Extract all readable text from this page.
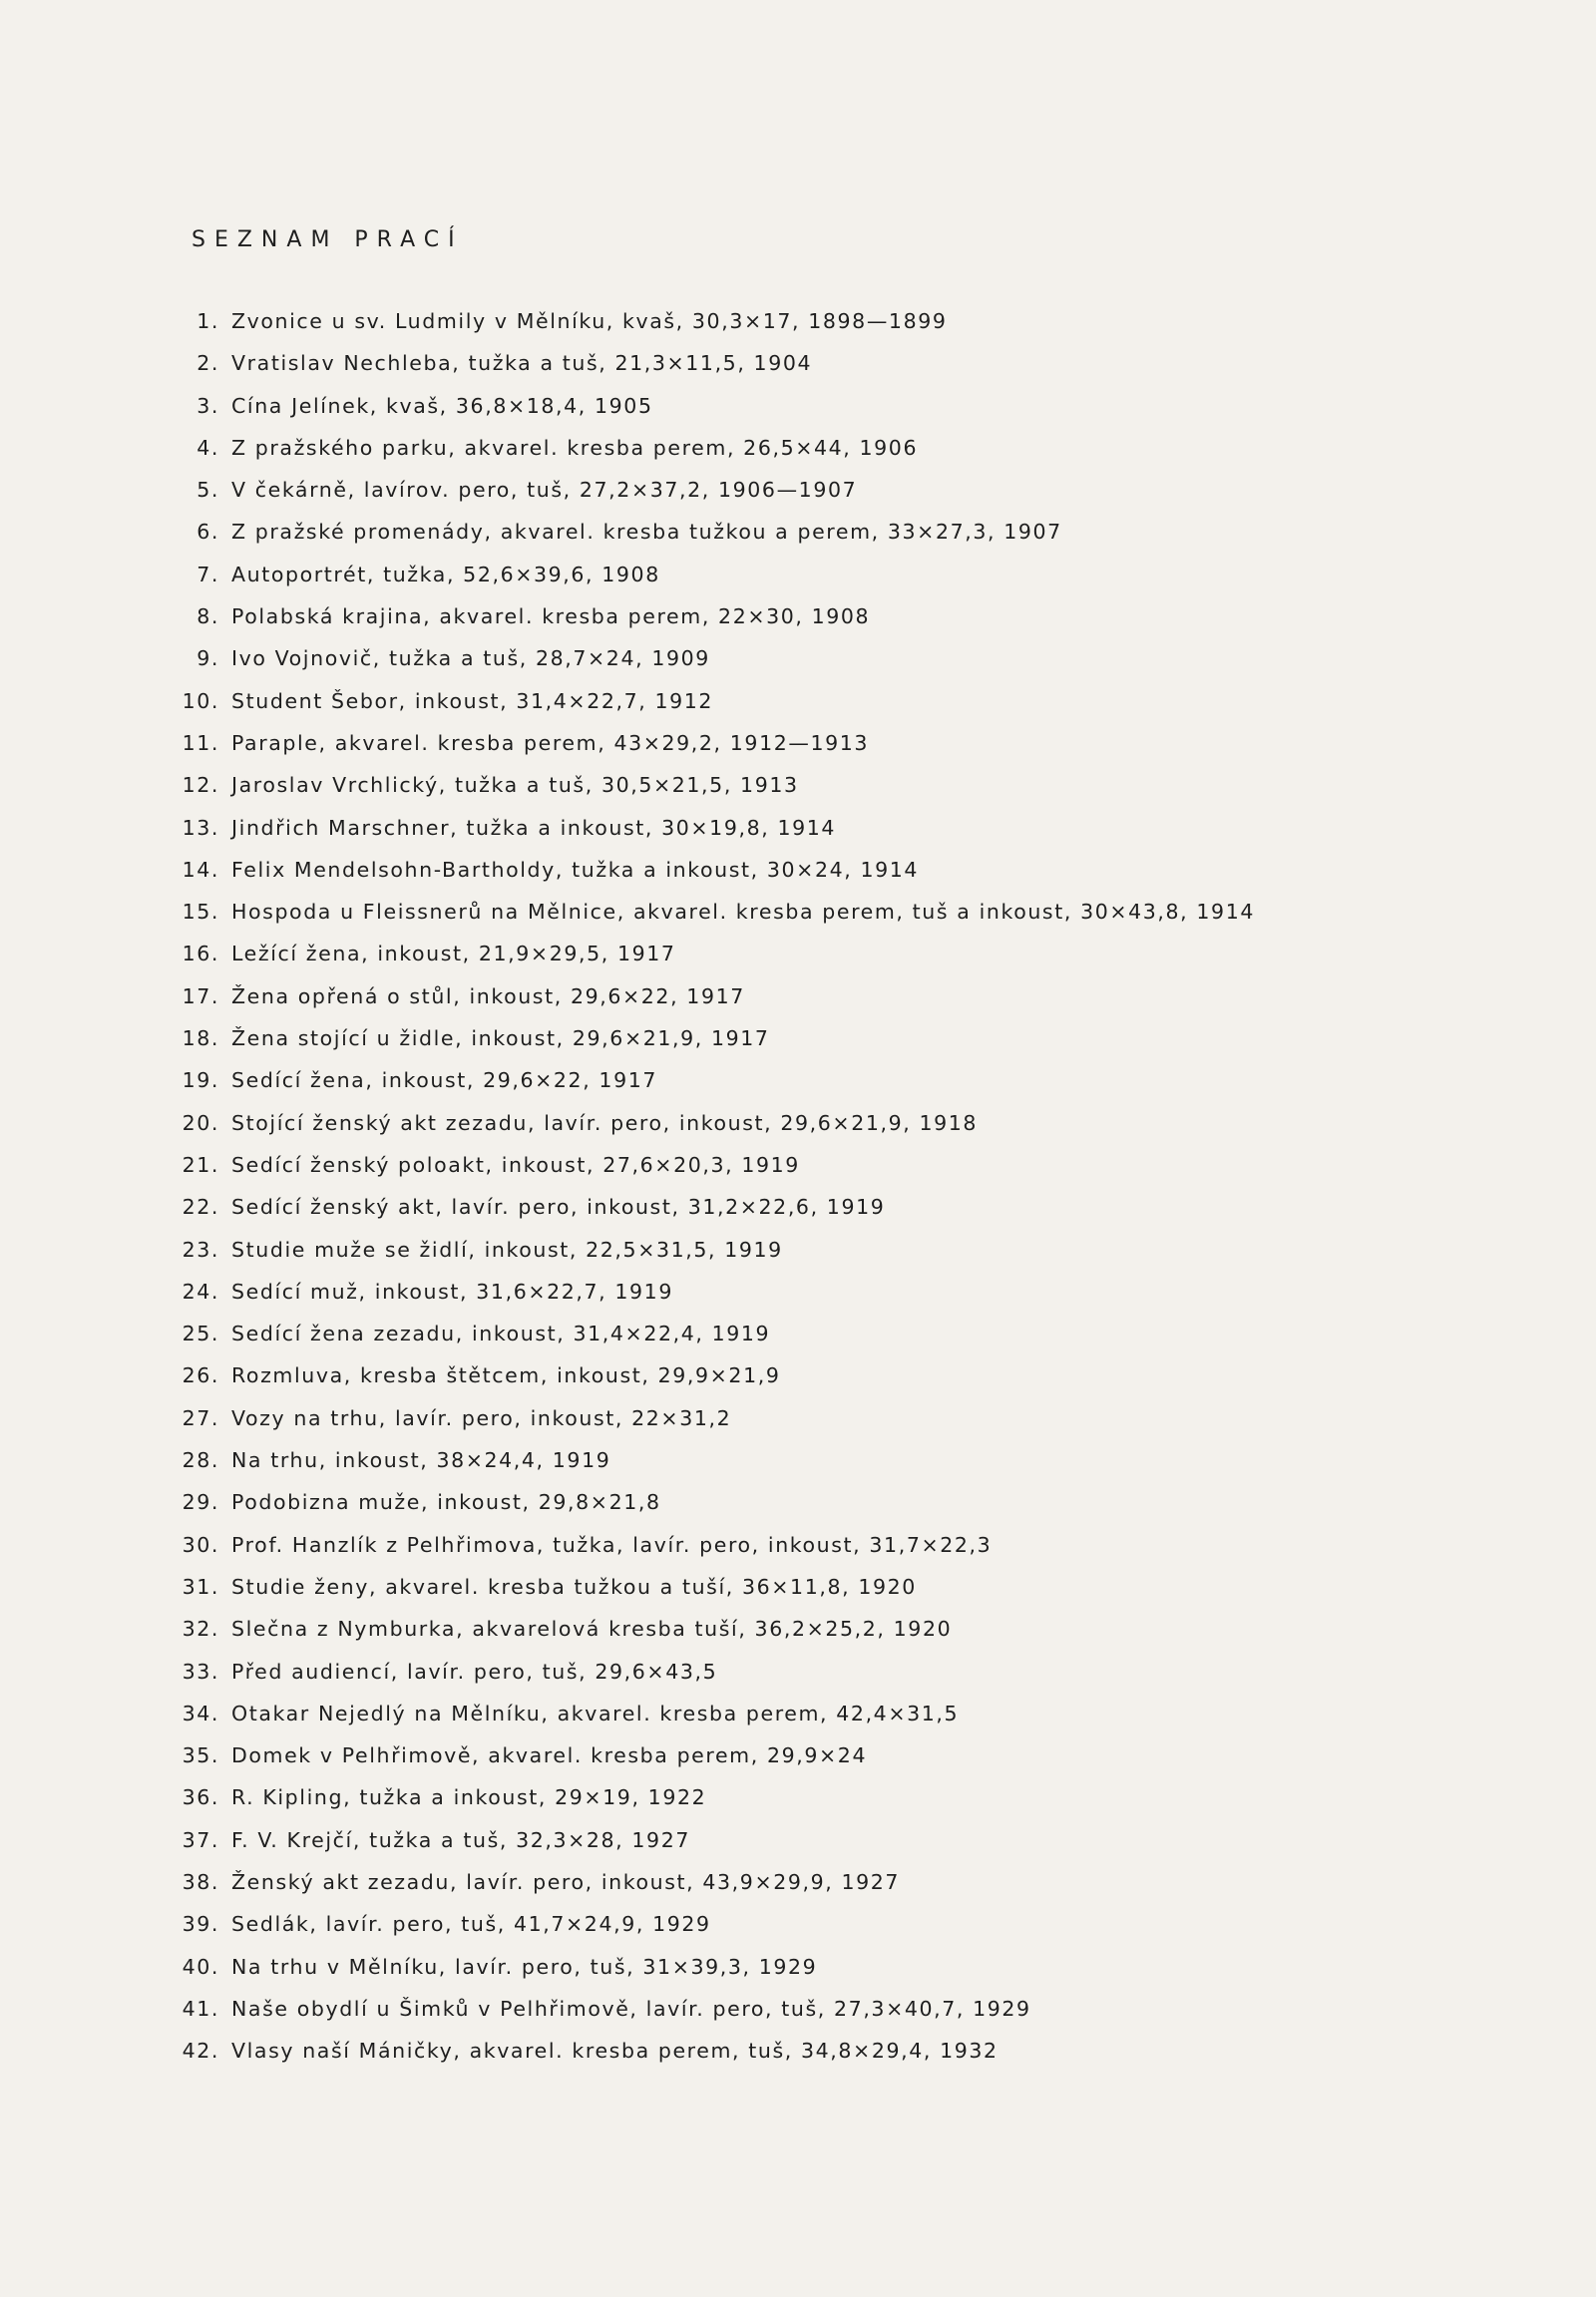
SEZNAM PRACÍ
1. Zvonice u sv. Ludmily v Mělníku, kvaš, 30,3×17, 1898—1899
2. Vratislav Nechleba, tužka a tuš, 21,3×11,5, 1904
3. Cína Jelínek, kvaš, 36,8×18,4, 1905
4. Z pražského parku, akvarel. kresba perem, 26,5×44, 1906
5. V čekárně, lavírov. pero, tuš, 27,2×37,2, 1906—1907
6. Z pražské promenády, akvarel. kresba tužkou a perem, 33×27,3, 1907
7. Autoportrét, tužka, 52,6×39,6, 1908
8. Polabská krajina, akvarel. kresba perem, 22×30, 1908
9. Ivo Vojnovič, tužka a tuš, 28,7×24, 1909
10. Student Šebor, inkoust, 31,4×22,7, 1912
11. Paraple, akvarel. kresba perem, 43×29,2, 1912—1913
12. Jaroslav Vrchlický, tužka a tuš, 30,5×21,5, 1913
13. Jindřich Marschner, tužka a inkoust, 30×19,8, 1914
14. Felix Mendelsohn-Bartholdy, tužka a inkoust, 30×24, 1914
15. Hospoda u Fleissnerů na Mělnice, akvarel. kresba perem, tuš a inkoust, 30×43,8, 1914
16. Ležící žena, inkoust, 21,9×29,5, 1917
17. Žena opřená o stůl, inkoust, 29,6×22, 1917
18. Žena stojící u židle, inkoust, 29,6×21,9, 1917
19. Sedící žena, inkoust, 29,6×22, 1917
20. Stojící ženský akt zezadu, lavír. pero, inkoust, 29,6×21,9, 1918
21. Sedící ženský poloakt, inkoust, 27,6×20,3, 1919
22. Sedící ženský akt, lavír. pero, inkoust, 31,2×22,6, 1919
23. Studie muže se židlí, inkoust, 22,5×31,5, 1919
24. Sedící muž, inkoust, 31,6×22,7, 1919
25. Sedící žena zezadu, inkoust, 31,4×22,4, 1919
26. Rozmluva, kresba štětcem, inkoust, 29,9×21,9
27. Vozy na trhu, lavír. pero, inkoust, 22×31,2
28. Na trhu, inkoust, 38×24,4, 1919
29. Podobizna muže, inkoust, 29,8×21,8
30. Prof. Hanzlík z Pelhřimova, tužka, lavír. pero, inkoust, 31,7×22,3
31. Studie ženy, akvarel. kresba tužkou a tuší, 36×11,8, 1920
32. Slečna z Nymburka, akvarelová kresba tuší, 36,2×25,2, 1920
33. Před audiencí, lavír. pero, tuš, 29,6×43,5
34. Otakar Nejedlý na Mělníku, akvarel. kresba perem, 42,4×31,5
35. Domek v Pelhřimově, akvarel. kresba perem, 29,9×24
36. R. Kipling, tužka a inkoust, 29×19, 1922
37. F. V. Krejčí, tužka a tuš, 32,3×28, 1927
38. Ženský akt zezadu, lavír. pero, inkoust, 43,9×29,9, 1927
39. Sedlák, lavír. pero, tuš, 41,7×24,9, 1929
40. Na trhu v Mělníku, lavír. pero, tuš, 31×39,3, 1929
41. Naše obydlí u Šimků v Pelhřimově, lavír. pero, tuš, 27,3×40,7, 1929
42. Vlasy naší Máničky, akvarel. kresba perem, tuš, 34,8×29,4, 1932
